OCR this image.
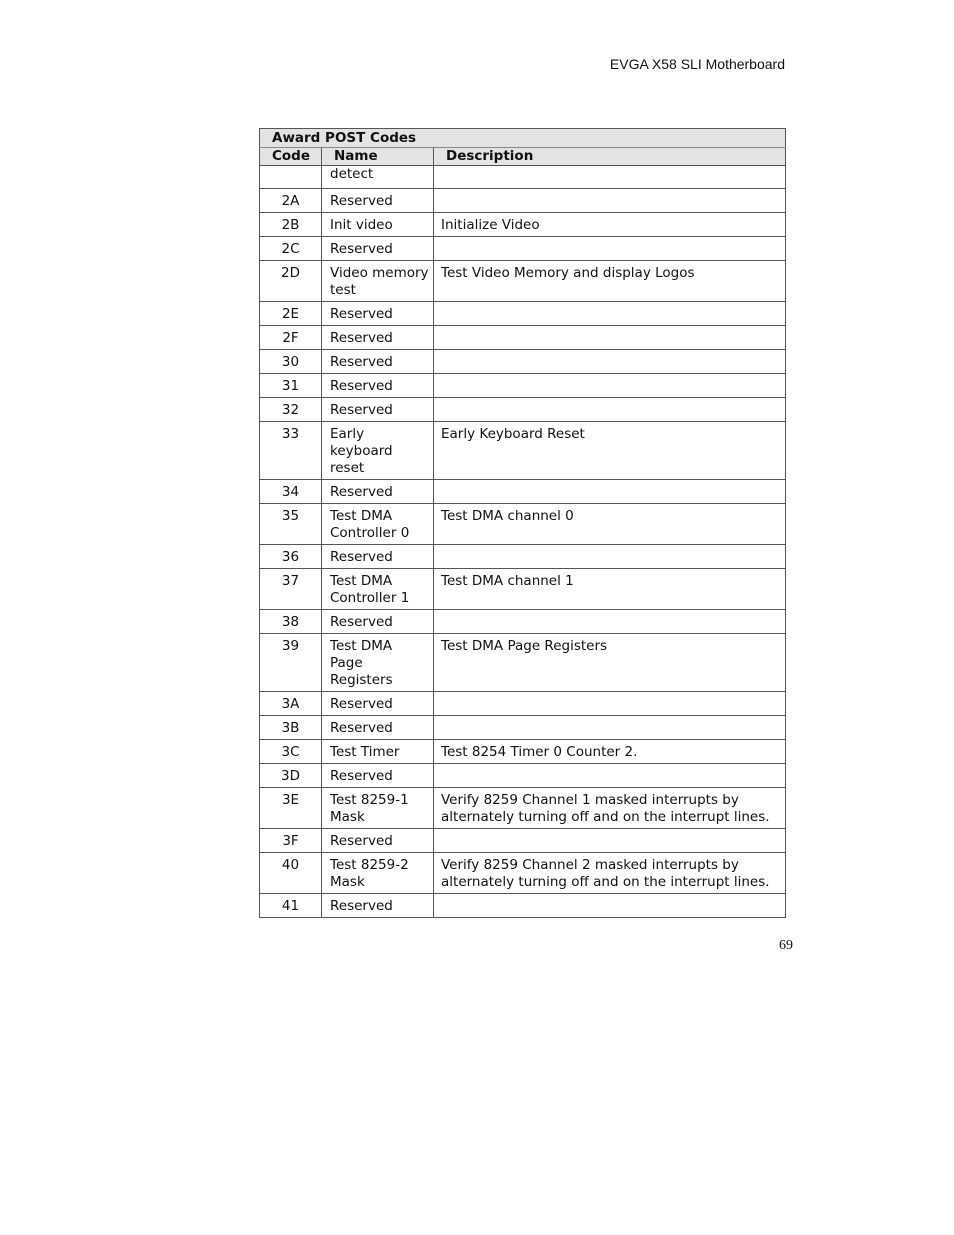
EVGA X58 SLI Motherboard
Award POST Codes		
Code	Name	Description
	detect	
2A	Reserved	
2B	Init video	Initialize Video
2C	Reserved	
2D	Video memory test	Test Video Memory and display Logos
2E	Reserved	
2F	Reserved	
30	Reserved	
31	Reserved	
32	Reserved	
33	Early keyboard reset	Early Keyboard Reset
34	Reserved	
35	Test DMA Controller 0	Test DMA channel 0
36	Reserved	
37	Test DMA Controller 1	Test DMA channel 1
38	Reserved	
39	Test DMA Page Registers	Test DMA Page Registers
3A	Reserved	
3B	Reserved	
3C	Test Timer	Test 8254 Timer 0 Counter 2.
3D	Reserved	
3E	Test 8259-1 Mask	Verify 8259 Channel 1 masked interrupts by alternately turning off and on the interrupt lines.
3F	Reserved	
40	Test 8259-2 Mask	Verify 8259 Channel 2 masked interrupts by alternately turning off and on the interrupt lines.
41	Reserved	
69
